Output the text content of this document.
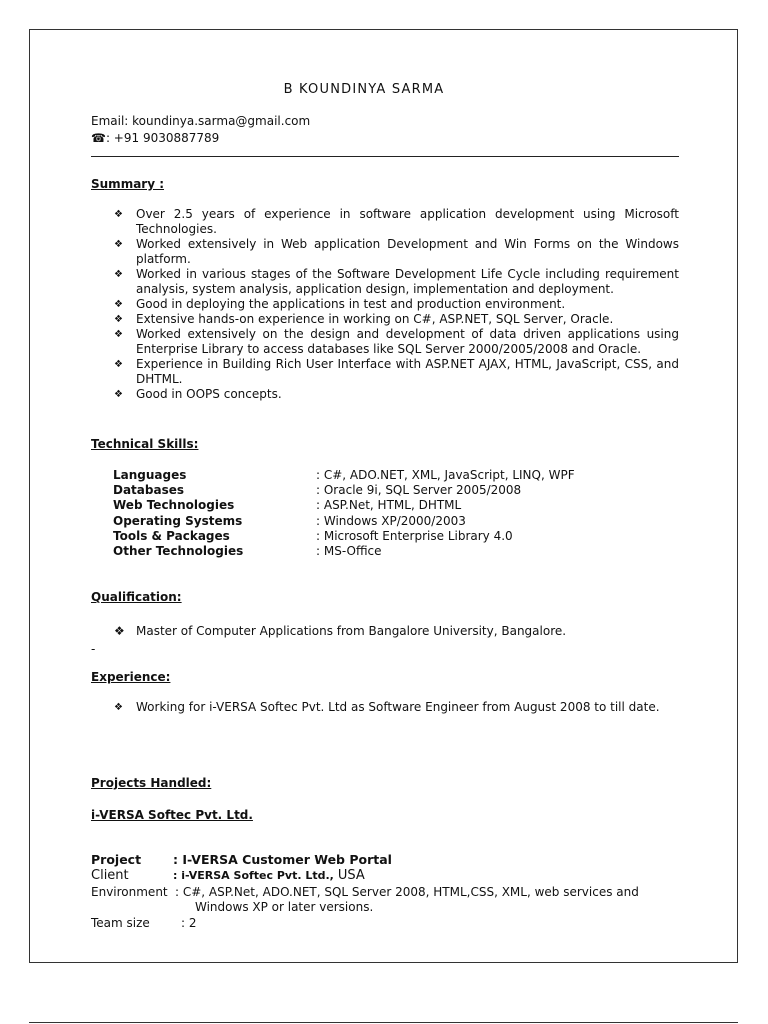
B KOUNDINYA SARMA
Email: koundinya.sarma@gmail.com
☎: +91 9030887789
Summary :
❖	Over 2.5 years of experience in software application development using Microsoft Technologies.
❖	Worked extensively in Web application Development and Win Forms on the Windows platform.
❖	Worked in various stages of the Software Development Life Cycle including requirement analysis, system analysis, application design, implementation and deployment.
❖	Good in deploying the applications in test and production environment.
❖	Extensive hands-on experience in working on C#, ASP.NET, SQL Server, Oracle.
❖	Worked extensively on the design and development of data driven applications using Enterprise Library to access databases like SQL Server 2000/2005/2008 and Oracle.
❖	Experience in Building Rich User Interface with ASP.NET AJAX, HTML, JavaScript, CSS, and DHTML.
❖	Good in OOPS concepts.
Technical Skills:
Languages	: C#, ADO.NET, XML, JavaScript, LINQ, WPF
Databases	: Oracle 9i, SQL Server 2005/2008
Web Technologies	: ASP.Net, HTML, DHTML
Operating Systems	: Windows XP/2000/2003
Tools & Packages	: Microsoft Enterprise Library 4.0
Other Technologies	: MS-Office
Qualification:
❖ Master of Computer Applications from Bangalore University, Bangalore.
-
Experience:
❖	Working for i-VERSA Softec Pvt. Ltd as Software Engineer from August 2008 to till date.
Projects Handled:
i-VERSA Softec Pvt. Ltd.
Project	: I-VERSA Customer Web Portal
Client	: i-VERSA Softec Pvt. Ltd., USA
Environment : C#, ASP.Net, ADO.NET, SQL Server 2008, HTML,CSS, XML, web services and
Windows XP or later versions.
Team size	: 2
